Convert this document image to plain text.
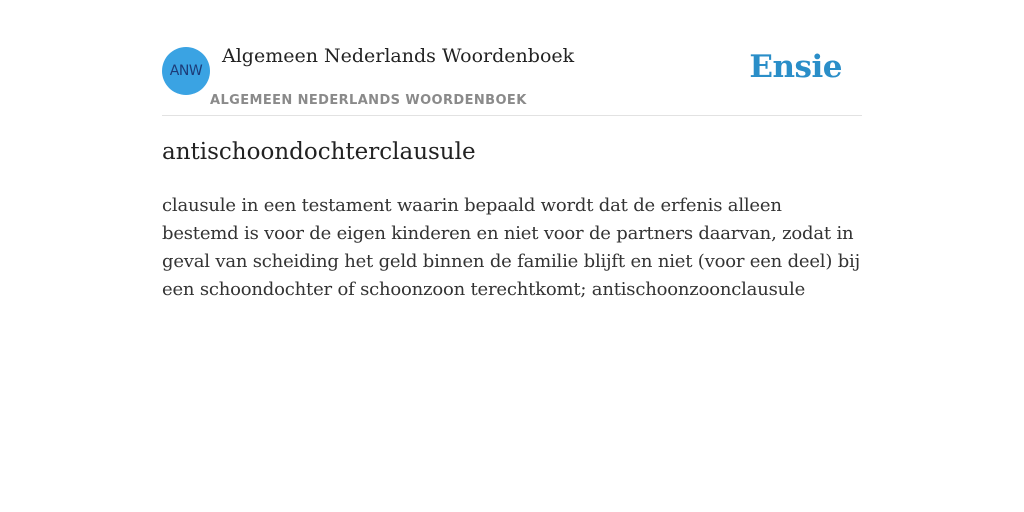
ANW
Algemeen Nederlands Woordenboek
ALGEMEEN NEDERLANDS WOORDENBOEK
Ensie
antischoondochterclausule
clausule in een testament waarin bepaald wordt dat de erfenis alleen bestemd is voor de eigen kinderen en niet voor de partners daarvan, zodat in geval van scheiding het geld binnen de familie blijft en niet (voor een deel) bij een schoondochter of schoonzoon terechtkomt; antischoonzoonclausule
